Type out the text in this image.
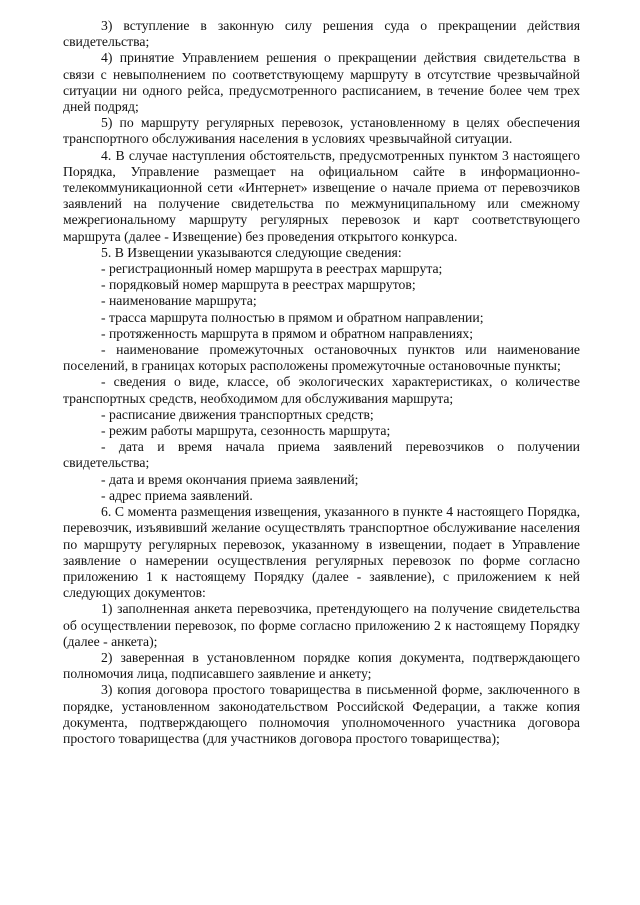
3) вступление в законную силу решения суда о прекращении действия свидетельства;

4) принятие Управлением решения о прекращении действия свидетельства в связи с невыполнением по соответствующему маршруту в отсутствие чрезвычайной ситуации ни одного рейса, предусмотренного расписанием, в течение более чем трех дней подряд;

5) по маршруту регулярных перевозок, установленному в целях обеспечения транспортного обслуживания населения в условиях чрезвычайной ситуации.

4. В случае наступления обстоятельств, предусмотренных пунктом 3 настоящего Порядка, Управление размещает на официальном сайте в информационно-телекоммуникационной сети «Интернет» извещение о начале приема от перевозчиков заявлений на получение свидетельства по межмуниципальному или смежному межрегиональному маршруту регулярных перевозок и карт соответствующего маршрута (далее - Извещение) без проведения открытого конкурса.

5. В Извещении указываются следующие сведения:

- регистрационный номер маршрута в реестрах маршрута;

- порядковый номер маршрута в реестрах маршрутов;

- наименование маршрута;

- трасса маршрута полностью в прямом и обратном направлении;

- протяженность маршрута в прямом и обратном направлениях;

- наименование промежуточных остановочных пунктов или наименование поселений, в границах которых расположены промежуточные остановочные пункты;

- сведения о виде, классе, об экологических характеристиках, о количестве транспортных средств, необходимом для обслуживания маршрута;

- расписание движения транспортных средств;

- режим работы маршрута, сезонность маршрута;

- дата и время начала приема заявлений перевозчиков о получении свидетельства;

- дата и время окончания приема заявлений;

- адрес приема заявлений.

6. С момента размещения извещения, указанного в пункте 4 настоящего Порядка, перевозчик, изъявивший желание осуществлять транспортное обслуживание населения по маршруту регулярных перевозок, указанному в извещении, подает в Управление заявление о намерении осуществления регулярных перевозок по форме согласно приложению 1 к настоящему Порядку (далее - заявление), с приложением к ней следующих документов:

1) заполненная анкета перевозчика, претендующего на получение свидетельства об осуществлении перевозок, по форме согласно приложению 2 к настоящему Порядку (далее - анкета);

2) заверенная в установленном порядке копия документа, подтверждающего полномочия лица, подписавшего заявление и анкету;

3) копия договора простого товарищества в письменной форме, заключенного в порядке, установленном законодательством Российской Федерации, а также копия документа, подтверждающего полномочия уполномоченного участника договора простого товарищества (для участников договора простого товарищества);
